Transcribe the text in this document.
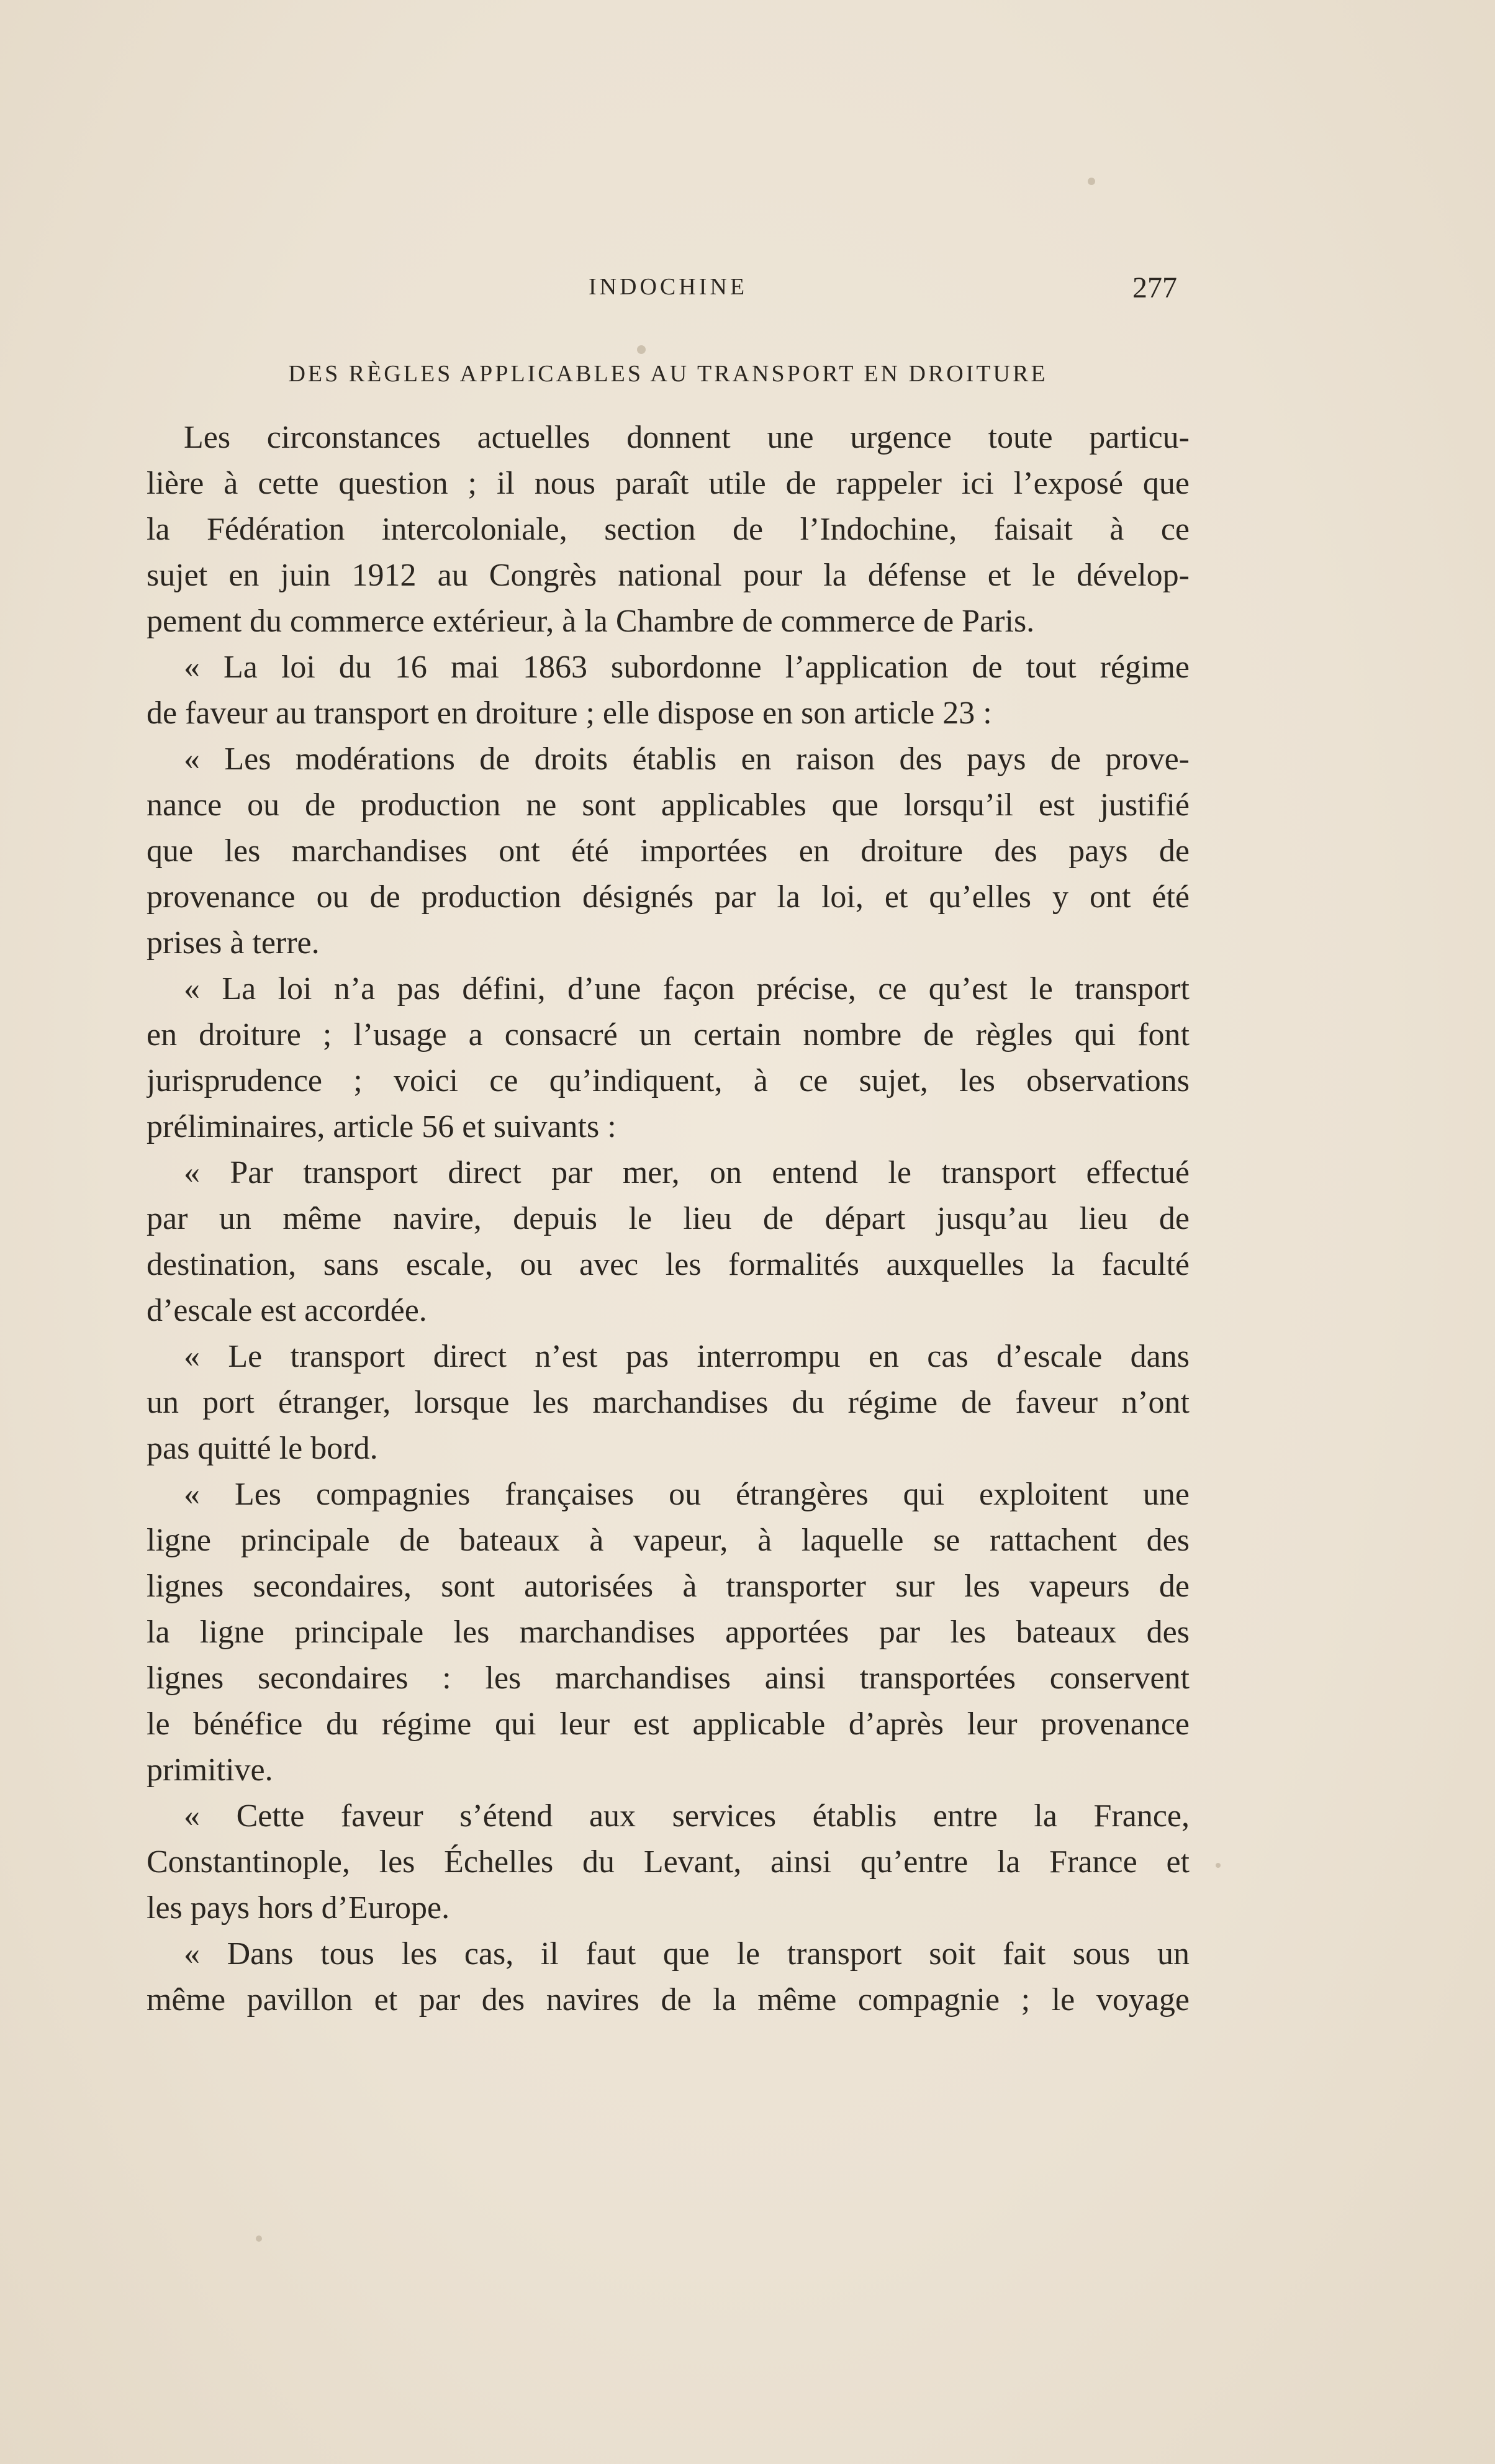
INDOCHINE	277
DES RÈGLES APPLICABLES AU TRANSPORT EN DROITURE
Les circonstances actuelles donnent une urgence toute particu-
lière à cette question ; il nous paraît utile de rappeler ici l’exposé que
la Fédération intercoloniale, section de l’Indochine, faisait à ce
sujet en juin 1912 au Congrès national pour la défense et le dévelop-
pement du commerce extérieur, à la Chambre de commerce de Paris.
« La loi du 16 mai 1863 subordonne l’application de tout régime
de faveur au transport en droiture ; elle dispose en son article 23 :
« Les modérations de droits établis en raison des pays de prove-
nance ou de production ne sont applicables que lorsqu’il est justifié
que les marchandises ont été importées en droiture des pays de
provenance ou de production désignés par la loi, et qu’elles y ont été
prises à terre.
« La loi n’a pas défini, d’une façon précise, ce qu’est le transport
en droiture ; l’usage a consacré un certain nombre de règles qui font
jurisprudence ; voici ce qu’indiquent, à ce sujet, les observations
préliminaires, article 56 et suivants :
« Par transport direct par mer, on entend le transport effectué
par un même navire, depuis le lieu de départ jusqu’au lieu de
destination, sans escale, ou avec les formalités auxquelles la faculté
d’escale est accordée.
« Le transport direct n’est pas interrompu en cas d’escale dans
un port étranger, lorsque les marchandises du régime de faveur n’ont
pas quitté le bord.
« Les compagnies françaises ou étrangères qui exploitent une
ligne principale de bateaux à vapeur, à laquelle se rattachent des
lignes secondaires, sont autorisées à transporter sur les vapeurs de
la ligne principale les marchandises apportées par les bateaux des
lignes secondaires : les marchandises ainsi transportées conservent
le bénéfice du régime qui leur est applicable d’après leur provenance
primitive.
« Cette faveur s’étend aux services établis entre la France,
Constantinople, les Échelles du Levant, ainsi qu’entre la France et
les pays hors d’Europe.
« Dans tous les cas, il faut que le transport soit fait sous un
même pavillon et par des navires de la même compagnie ; le voyage
